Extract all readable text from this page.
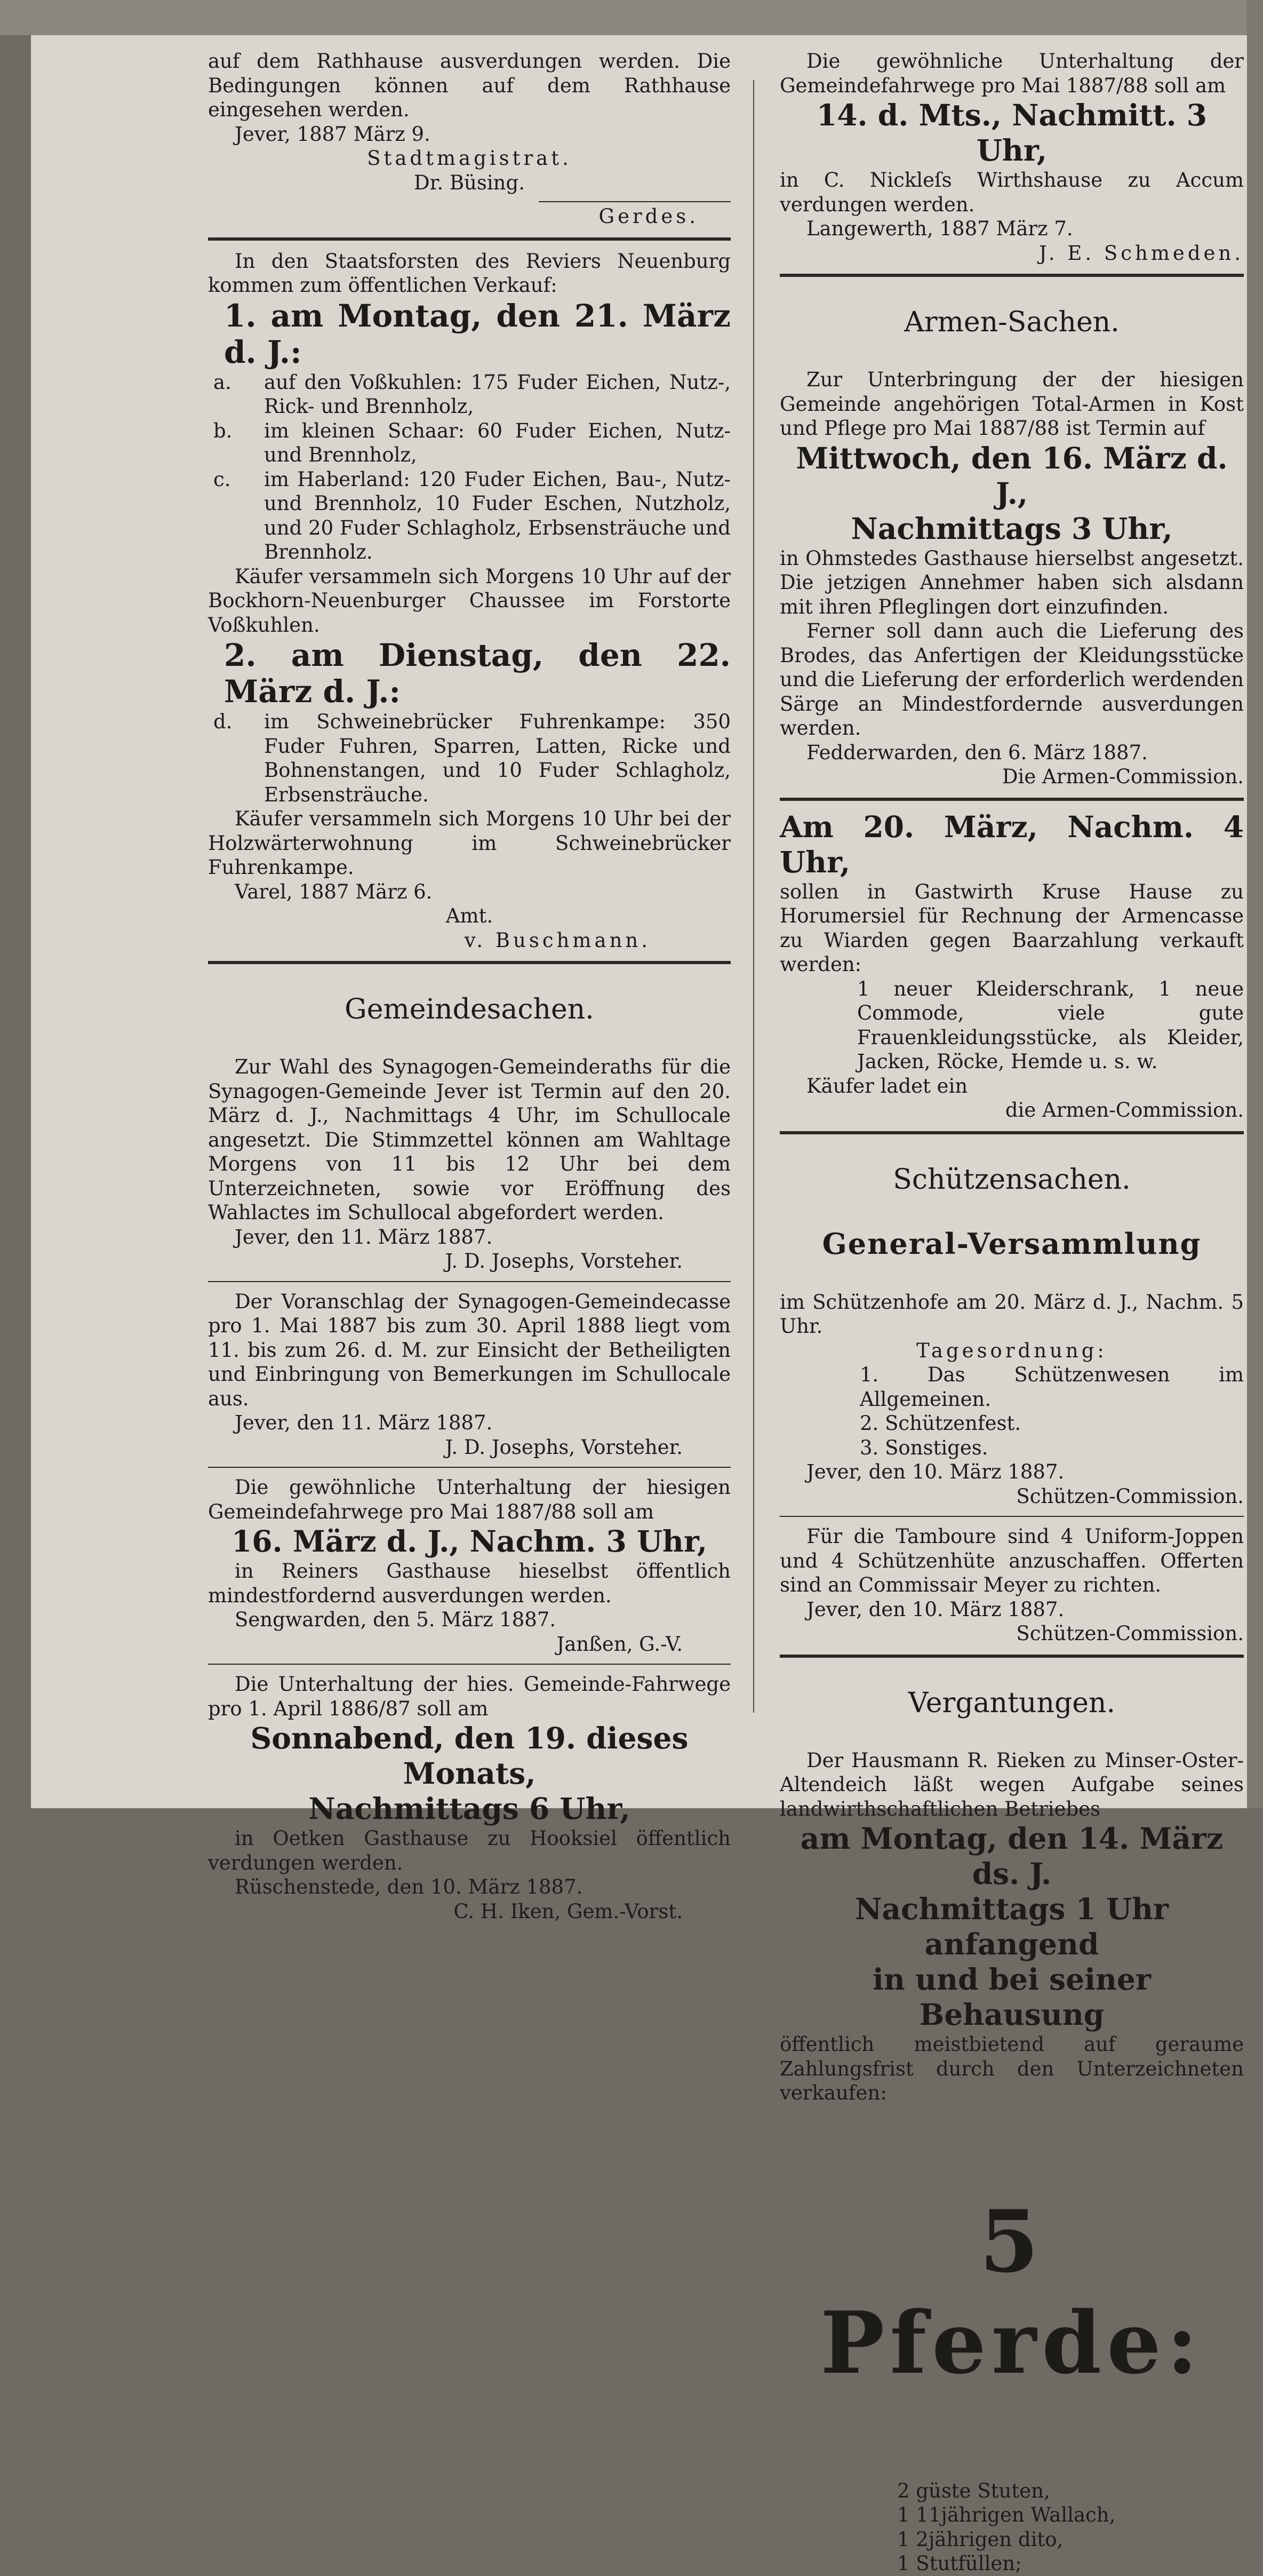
auf dem Rathhause ausverdungen werden. Die Bedingungen können auf dem Rathhause eingesehen werden.

Jever, 1887 März 9.

Stadtmagistrat.

Dr. Büsing.

Gerdes.

In den Staatsforsten des Reviers Neuenburg kommen zum öffentlichen Verkauf:

1. am Montag, den 21. März d. J.:

a.	auf den Voßkuhlen: 175 Fuder Eichen, Nutz-, Rick- und Brennholz,
b.	im kleinen Schaar: 60 Fuder Eichen, Nutz- und Brennholz,
c.	im Haberland: 120 Fuder Eichen, Bau-, Nutz- und Brennholz, 10 Fuder Eschen, Nutzholz, und 20 Fuder Schlagholz, Erbsensträuche und Brennholz.

Käufer versammeln sich Morgens 10 Uhr auf der Bockhorn-Neuenburger Chaussee im Forstorte Voßkuhlen.

2. am Dienstag, den 22. März d. J.:

d.	im Schweinebrücker Fuhrenkampe: 350 Fuder Fuhren, Sparren, Latten, Ricke und Bohnenstangen, und 10 Fuder Schlagholz, Erbsensträuche.

Käufer versammeln sich Morgens 10 Uhr bei der Holzwärterwohnung im Schweinebrücker Fuhrenkampe.

Varel, 1887 März 6.

Amt.

v. Buschmann.

Gemeindesachen.

Zur Wahl des Synagogen-Gemeinderaths für die Synagogen-Gemeinde Jever ist Termin auf den 20. März d. J., Nachmittags 4 Uhr, im Schullocale angesetzt. Die Stimmzettel können am Wahltage Morgens von 11 bis 12 Uhr bei dem Unterzeichneten, sowie vor Eröffnung des Wahlactes im Schullocal abgefordert werden.

Jever, den 11. März 1887.

J. D. Josephs, Vorsteher.

Der Voranschlag der Synagogen-Gemeindecasse pro 1. Mai 1887 bis zum 30. April 1888 liegt vom 11. bis zum 26. d. M. zur Einsicht der Betheiligten und Einbringung von Bemerkungen im Schullocale aus.

Jever, den 11. März 1887.

J. D. Josephs, Vorsteher.

Die gewöhnliche Unterhaltung der hiesigen Gemeindefahrwege pro Mai 1887/88 soll am

16. März d. J., Nachm. 3 Uhr,

in Reiners Gasthause hieselbst öffentlich mindestfordernd ausverdungen werden.

Sengwarden, den 5. März 1887.

Janßen, G.-V.

Die Unterhaltung der hies. Gemeinde-Fahrwege pro 1. April 1886/87 soll am

Sonnabend, den 19. dieses Monats,

Nachmittags 6 Uhr,

in Oetken Gasthause zu Hooksiel öffentlich verdungen werden.

Rüschenstede, den 10. März 1887.

C. H. Iken, Gem.-Vorst.

Die gewöhnliche Unterhaltung der Gemeindefahrwege pro Mai 1887/88 soll am

14. d. Mts., Nachmitt. 3 Uhr,

in C. Nickleſs Wirthshause zu Accum verdungen werden.

Langewerth, 1887 März 7.

J. E. Schmeden.

Armen-Sachen.

Zur Unterbringung der der hiesigen Gemeinde angehörigen Total-Armen in Kost und Pflege pro Mai 1887/88 ist Termin auf

Mittwoch, den 16. März d. J.,

Nachmittags 3 Uhr,

in Ohmstedes Gasthause hierselbst angesetzt. Die jetzigen Annehmer haben sich alsdann mit ihren Pfleglingen dort einzufinden.

Ferner soll dann auch die Lieferung des Brodes, das Anfertigen der Kleidungsstücke und die Lieferung der erforderlich werdenden Särge an Mindestfordernde ausverdungen werden.

Fedderwarden, den 6. März 1887.

Die Armen-Commission.

Am 20. März, Nachm. 4 Uhr,

sollen in Gastwirth Kruse Hause zu Horumersiel für Rechnung der Armencasse zu Wiarden gegen Baarzahlung verkauft werden:

1 neuer Kleiderschrank, 1 neue Commode, viele gute Frauenkleidungsstücke, als Kleider, Jacken, Röcke, Hemde u. s. w.

Käufer ladet ein

die Armen-Commission.

Schützensachen.

General-Versammlung

im Schützenhofe am 20. März d. J., Nachm. 5 Uhr.

Tagesordnung:

1. Das Schützenwesen im Allgemeinen.

2. Schützenfest.

3. Sonstiges.

Jever, den 10. März 1887.

Schützen-Commission.

Für die Tamboure sind 4 Uniform-Joppen und 4 Schützenhüte anzuschaffen. Offerten sind an Commissair Meyer zu richten.

Jever, den 10. März 1887.

Schützen-Commission.

Vergantungen.

Der Hausmann R. Rieken zu Minser-Oster-Altendeich läßt wegen Aufgabe seines landwirthschaftlichen Betriebes

am Montag, den 14. März ds. J.

Nachmittags 1 Uhr anfangend

in und bei seiner Behausung

öffentlich meistbietend auf geraume Zahlungsfrist durch den Unterzeichneten verkaufen:

5 Pferde:

2 güste Stuten,

1 11jährigen Wallach,

1 2jährigen dito,

1 Stutfüllen;
